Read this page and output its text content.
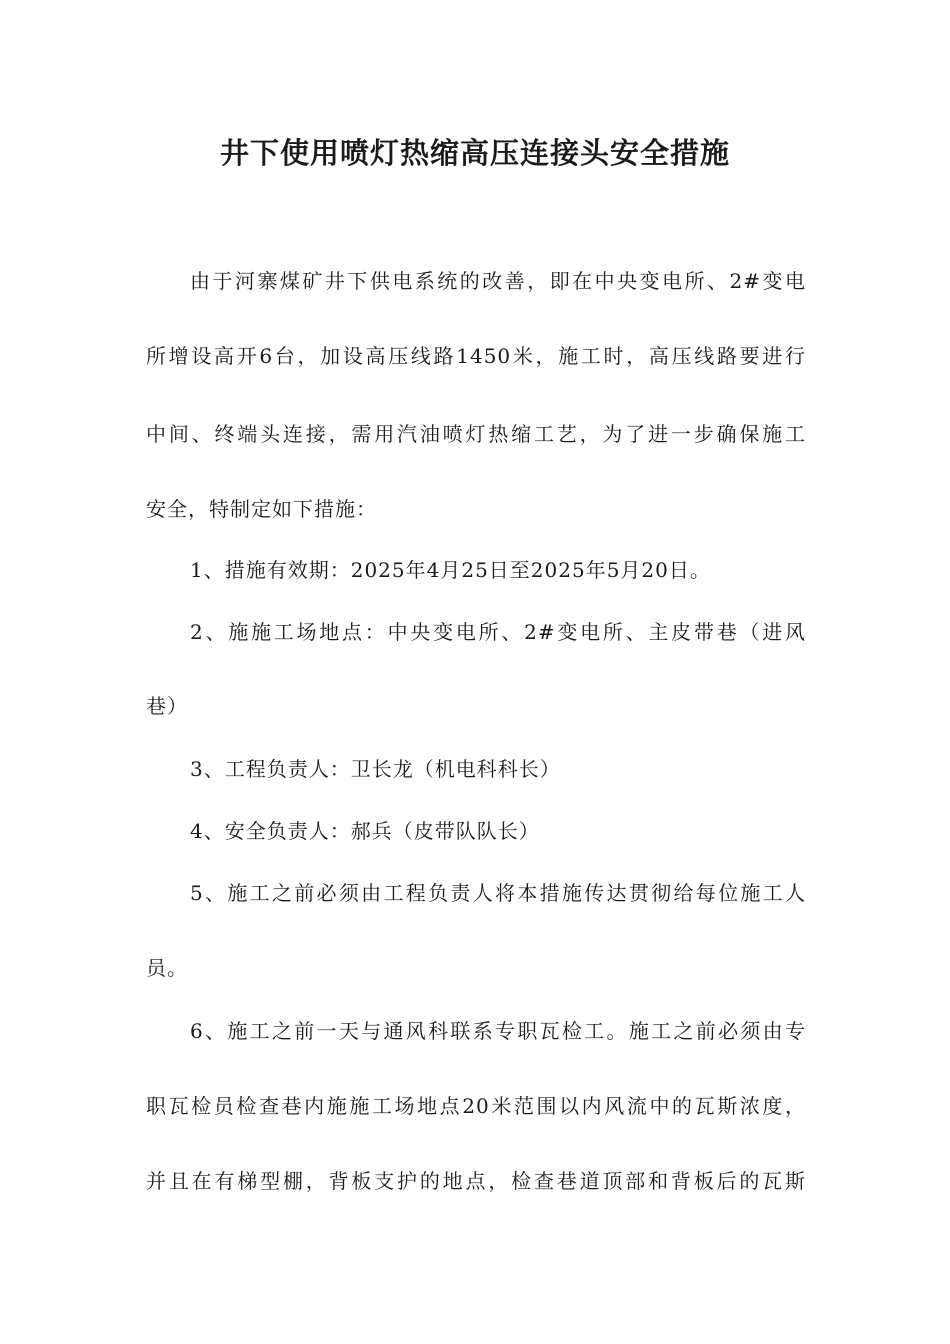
井下使用喷灯热缩高压连接头安全措施
由于河寨煤矿井下供电系统的改善，即在中央变电所、2#变电
所增设高开6台，加设高压线路1450米，施工时，高压线路要进行
中间、终端头连接，需用汽油喷灯热缩工艺，为了进一步确保施工
安全，特制定如下措施：
1、措施有效期：2025年4月25日至2025年5月20日。
2、施施工场地点：中央变电所、2#变电所、主皮带巷（进风
巷）
3、工程负责人：卫长龙（机电科科长）
4、安全负责人：郝兵（皮带队队长）
5、施工之前必须由工程负责人将本措施传达贯彻给每位施工人
员。
6、施工之前一天与通风科联系专职瓦检工。施工之前必须由专
职瓦检员检查巷内施施工场地点20米范围以内风流中的瓦斯浓度，
并且在有梯型棚，背板支护的地点，检查巷道顶部和背板后的瓦斯
